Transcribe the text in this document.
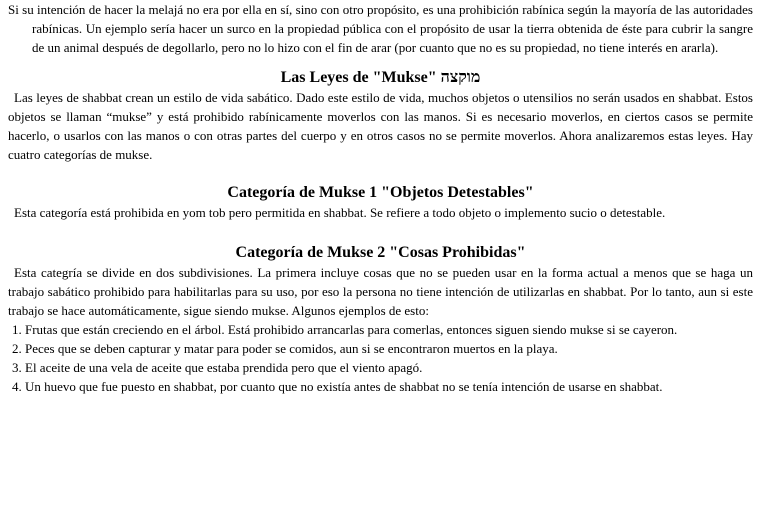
Si su intención de hacer la melajá no era por ella en sí, sino con otro propósito, es una prohibición rabínica según la mayoría de las autoridades rabínicas. Un ejemplo sería hacer un surco en la propiedad pública con el propósito de usar la tierra obtenida de éste para cubrir la sangre de un animal después de degollarlo, pero no lo hizo con el fin de arar (por cuanto que no es su propiedad, no tiene interés en ararla).

Las Leyes de "Mukse" מוקצה

Las leyes de shabbat crean un estilo de vida sabático. Dado este estilo de vida, muchos objetos o utensilios no serán usados en shabbat. Estos objetos se llaman “mukse” y está prohibido rabínicamente moverlos con las manos. Si es necesario moverlos, en ciertos casos se permite hacerlo, o usarlos con las manos o con otras partes del cuerpo y en otros casos no se permite moverlos. Ahora analizaremos estas leyes. Hay cuatro categorías de mukse.

Categoría de Mukse 1 "Objetos Detestables"

Esta categoría está prohibida en yom tob pero permitida en shabbat. Se refiere a todo objeto o implemento sucio o detestable.

Categoría de Mukse 2 "Cosas Prohibidas"

Esta categría se divide en dos subdivisiones. La primera incluye cosas que no se pueden usar en la forma actual a menos que se haga un trabajo sabático prohibido para habilitarlas para su uso, por eso la persona no tiene intención de utilizarlas en shabbat. Por lo tanto, aun si este trabajo se hace automáticamente, sigue siendo mukse. Algunos ejemplos de esto:

1. Frutas que están creciendo en el árbol. Está prohibido arrancarlas para comerlas, entonces siguen siendo mukse si se cayeron.

2. Peces que se deben capturar y matar para poder se comidos, aun si se encontraron muertos en la playa.

3. El aceite de una vela de aceite que estaba prendida pero que el viento apagó.

4. Un huevo que fue puesto en shabbat, por cuanto que no existía antes de shabbat no se tenía intención de usarse en shabbat.
